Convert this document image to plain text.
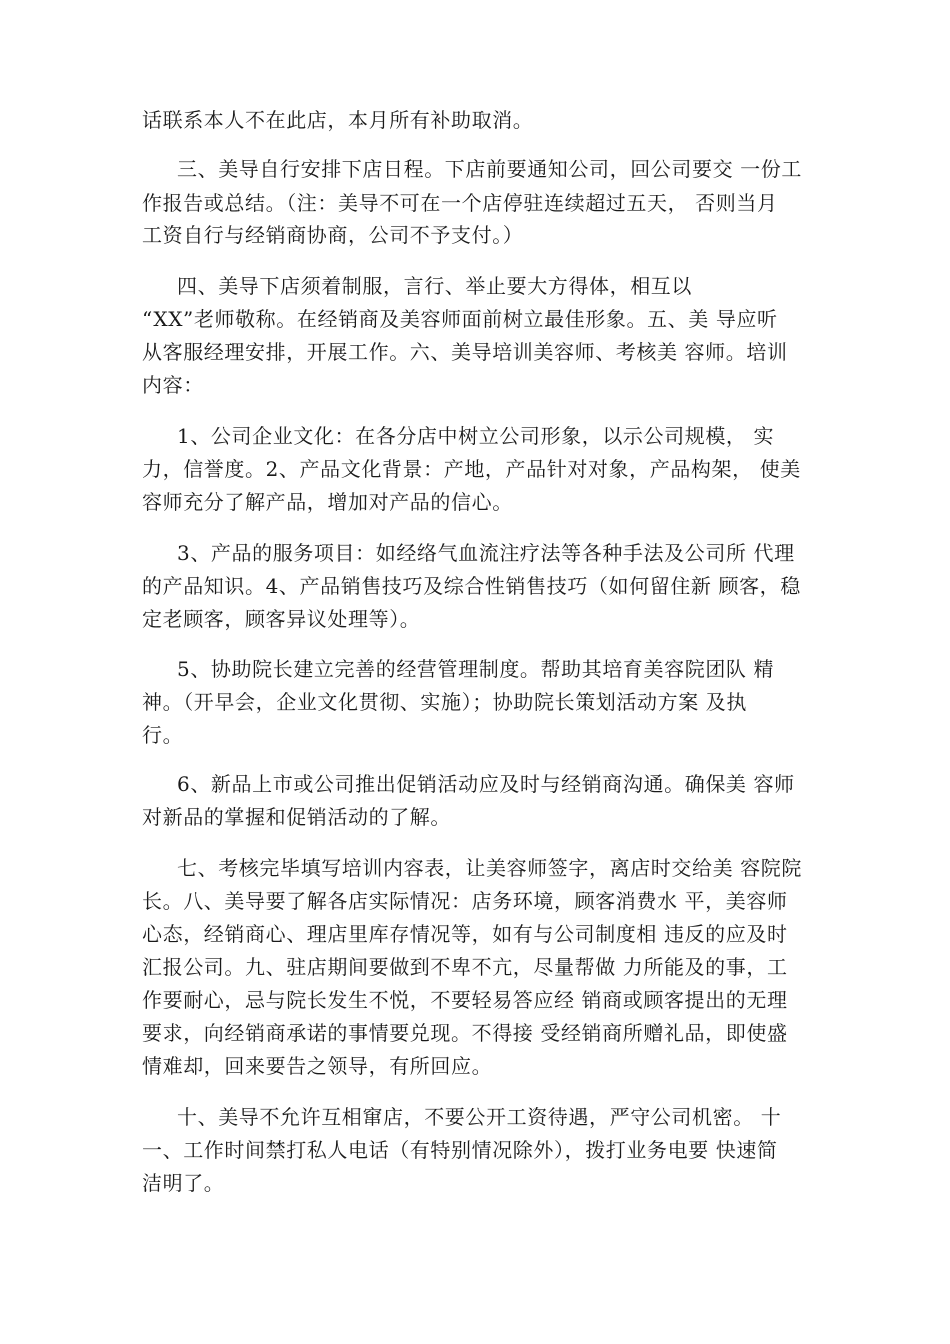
话联系本人不在此店，本月所有补助取消。
三、美导自行安排下店日程。下店前要通知公司，回公司要交 一份工
作报告或总结。（注：美导不可在一个店停驻连续超过五天， 否则当月
工资自行与经销商协商，公司不予支付。）
四、美导下店须着制服，言行、举止要大方得体，相互以
“XX”老师敬称。在经销商及美容师面前树立最佳形象。五、美 导应听
从客服经理安排，开展工作。六、美导培训美容师、考核美 容师。培训
内容：
1、公司企业文化：在各分店中树立公司形象，以示公司规模， 实
力，信誉度。2、产品文化背景：产地，产品针对对象，产品构架， 使美
容师充分了解产品，增加对产品的信心。
3、产品的服务项目：如经络气血流注疗法等各种手法及公司所 代理
的产品知识。4、产品销售技巧及综合性销售技巧（如何留住新 顾客，稳
定老顾客，顾客异议处理等）。
5、协助院长建立完善的经营管理制度。帮助其培育美容院团队 精
神。（开早会，企业文化贯彻、实施）；协助院长策划活动方案 及执
行。
6、新品上市或公司推出促销活动应及时与经销商沟通。确保美 容师
对新品的掌握和促销活动的了解。
七、考核完毕填写培训内容表，让美容师签字，离店时交给美 容院院
长。八、美导要了解各店实际情况：店务环境，顾客消费水 平，美容师
心态，经销商心、理店里库存情况等，如有与公司制度相 违反的应及时
汇报公司。九、驻店期间要做到不卑不亢，尽量帮做 力所能及的事，工
作要耐心，忌与院长发生不悦，不要轻易答应经 销商或顾客提出的无理
要求，向经销商承诺的事情要兑现。不得接 受经销商所赠礼品，即使盛
情难却，回来要告之领导，有所回应。
十、美导不允许互相窜店，不要公开工资待遇，严守公司机密。 十
一、工作时间禁打私人电话（有特别情况除外），拨打业务电要 快速简
洁明了。
